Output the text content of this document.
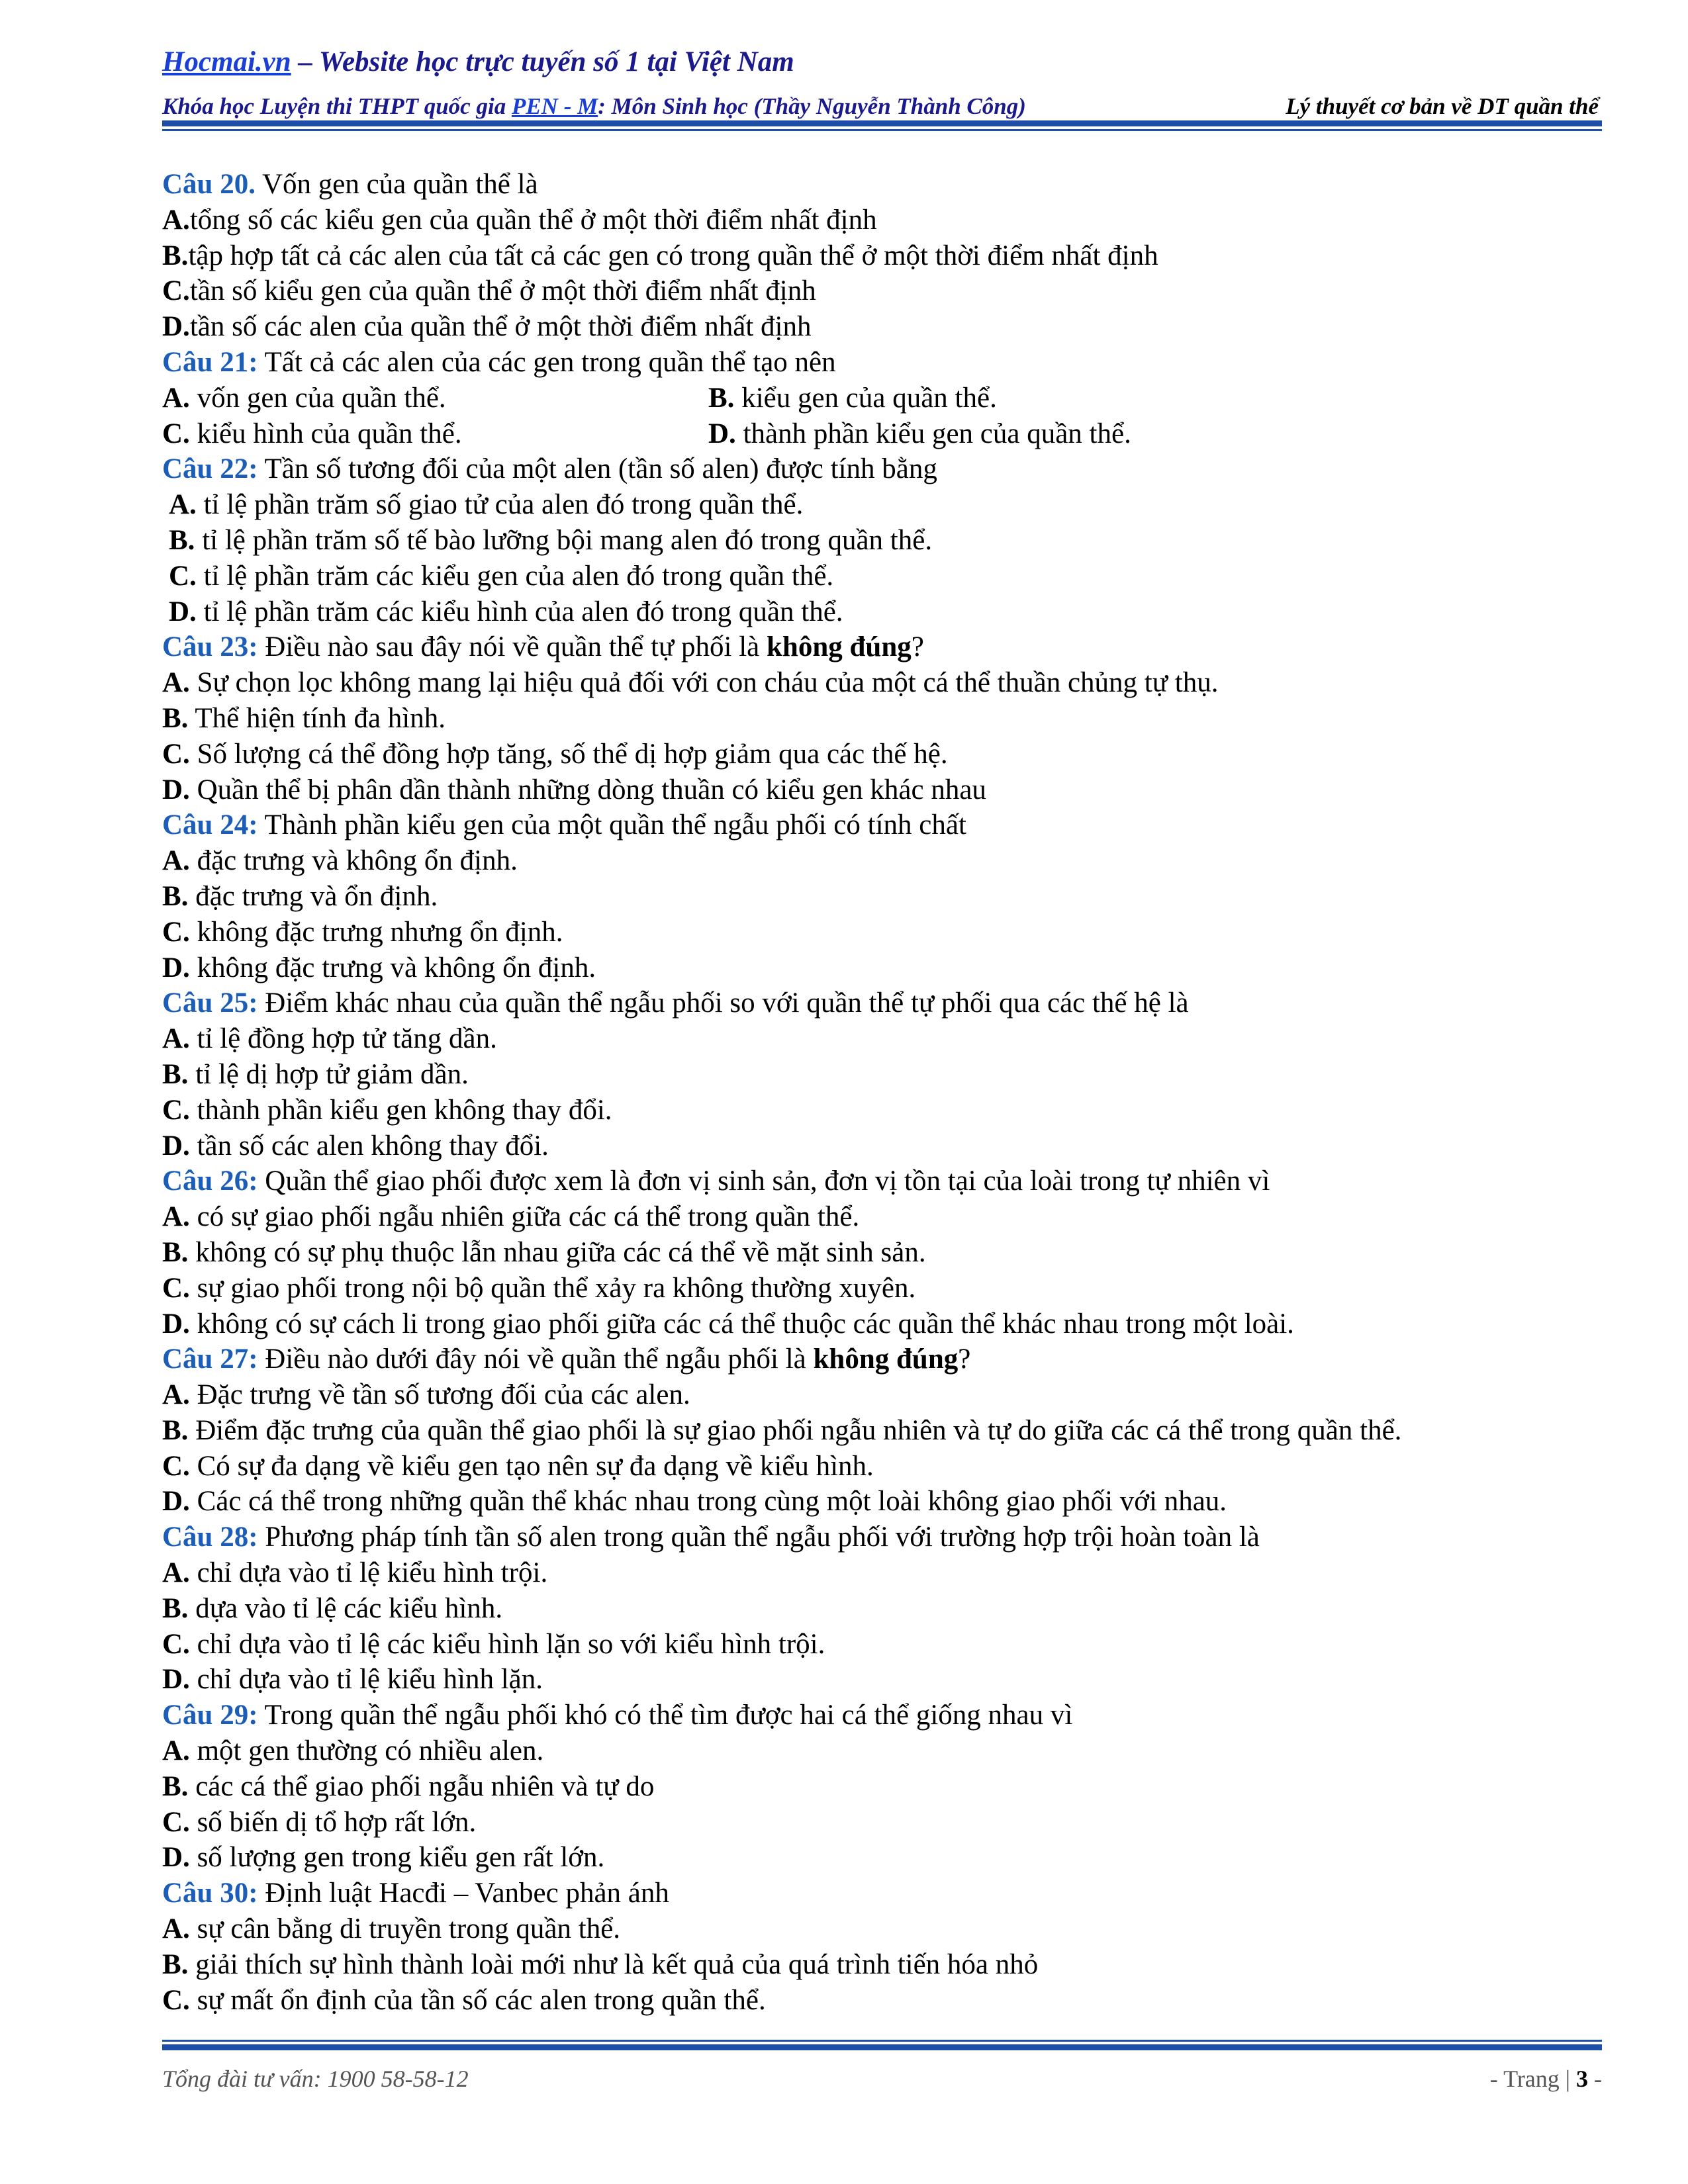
Hocmai.vn – Website học trực tuyến số 1 tại Việt Nam
Khóa học Luyện thi THPT quốc gia PEN - M: Môn Sinh học (Thầy Nguyễn Thành Công)	Lý thuyết cơ bản về DT quần thể
Câu 20. Vốn gen của quần thể là
A.tổng số các kiểu gen của quần thể ở một thời điểm nhất định
B.tập hợp tất cả các alen của tất cả các gen có trong quần thể ở một thời điểm nhất định
C.tần số kiểu gen của quần thể ở một thời điểm nhất định
D.tần số các alen của quần thể ở một thời điểm nhất định
Câu 21: Tất cả các alen của các gen trong quần thể tạo nên
A. vốn gen của quần thể.	B. kiểu gen của quần thể.
C. kiểu hình của quần thể.	D. thành phần kiểu gen của quần thể.
Câu 22: Tần số tương đối của một alen (tần số alen) được tính bằng
A. tỉ lệ phần trăm số giao tử của alen đó trong quần thể.
B. tỉ lệ phần trăm số tế bào lưỡng bội mang alen đó trong quần thể.
C. tỉ lệ phần trăm các kiểu gen của alen đó trong quần thể.
D. tỉ lệ phần trăm các kiểu hình của alen đó trong quần thể.
Câu 23: Điều nào sau đây nói về quần thể tự phối là không đúng?
A. Sự chọn lọc không mang lại hiệu quả đối với con cháu của một cá thể thuần chủng tự thụ.
B. Thể hiện tính đa hình.
C. Số lượng cá thể đồng hợp tăng, số thể dị hợp giảm qua các thế hệ.
D. Quần thể bị phân dần thành những dòng thuần có kiểu gen khác nhau
Câu 24: Thành phần kiểu gen của một quần thể ngẫu phối có tính chất
A. đặc trưng và không ổn định.
B. đặc trưng và ổn định.
C. không đặc trưng nhưng ổn định.
D. không đặc trưng và không ổn định.
Câu 25: Điểm khác nhau của quần thể ngẫu phối so với quần thể tự phối qua các thế hệ là
A. tỉ lệ đồng hợp tử tăng dần.
B. tỉ lệ dị hợp tử giảm dần.
C. thành phần kiểu gen không thay đổi.
D. tần số các alen không thay đổi.
Câu 26: Quần thể giao phối được xem là đơn vị sinh sản, đơn vị tồn tại của loài trong tự nhiên vì
A. có sự giao phối ngẫu nhiên giữa các cá thể trong quần thể.
B. không có sự phụ thuộc lẫn nhau giữa các cá thể về mặt sinh sản.
C. sự giao phối trong nội bộ quần thể xảy ra không thường xuyên.
D. không có sự cách li trong giao phối giữa các cá thể thuộc các quần thể khác nhau trong một loài.
Câu 27: Điều nào dưới đây nói về quần thể ngẫu phối là không đúng?
A. Đặc trưng về tần số tương đối của các alen.
B. Điểm đặc trưng của quần thể giao phối là sự giao phối ngẫu nhiên và tự do giữa các cá thể trong quần thể.
C. Có sự đa dạng về kiểu gen tạo nên sự đa dạng về kiểu hình.
D. Các cá thể trong những quần thể khác nhau trong cùng một loài không giao phối với nhau.
Câu 28: Phương pháp tính tần số alen trong quần thể ngẫu phối với trường hợp trội hoàn toàn là
A. chỉ dựa vào tỉ lệ kiểu hình trội.
B. dựa vào tỉ lệ các kiểu hình.
C. chỉ dựa vào tỉ lệ các kiểu hình lặn so với kiểu hình trội.
D. chỉ dựa vào tỉ lệ kiểu hình lặn.
Câu 29: Trong quần thể ngẫu phối khó có thể tìm được hai cá thể giống nhau vì
A. một gen thường có nhiều alen.
B. các cá thể giao phối ngẫu nhiên và tự do
C. số biến dị tổ hợp rất lớn.
D. số lượng gen trong kiểu gen rất lớn.
Câu 30: Định luật Hacđi – Vanbec phản ánh
A. sự cân bằng di truyền trong quần thể.
B. giải thích sự hình thành loài mới như là kết quả của quá trình tiến hóa nhỏ
C. sự mất ổn định của tần số các alen trong quần thể.
Tổng đài tư vấn: 1900 58-58-12	- Trang | 3 -
